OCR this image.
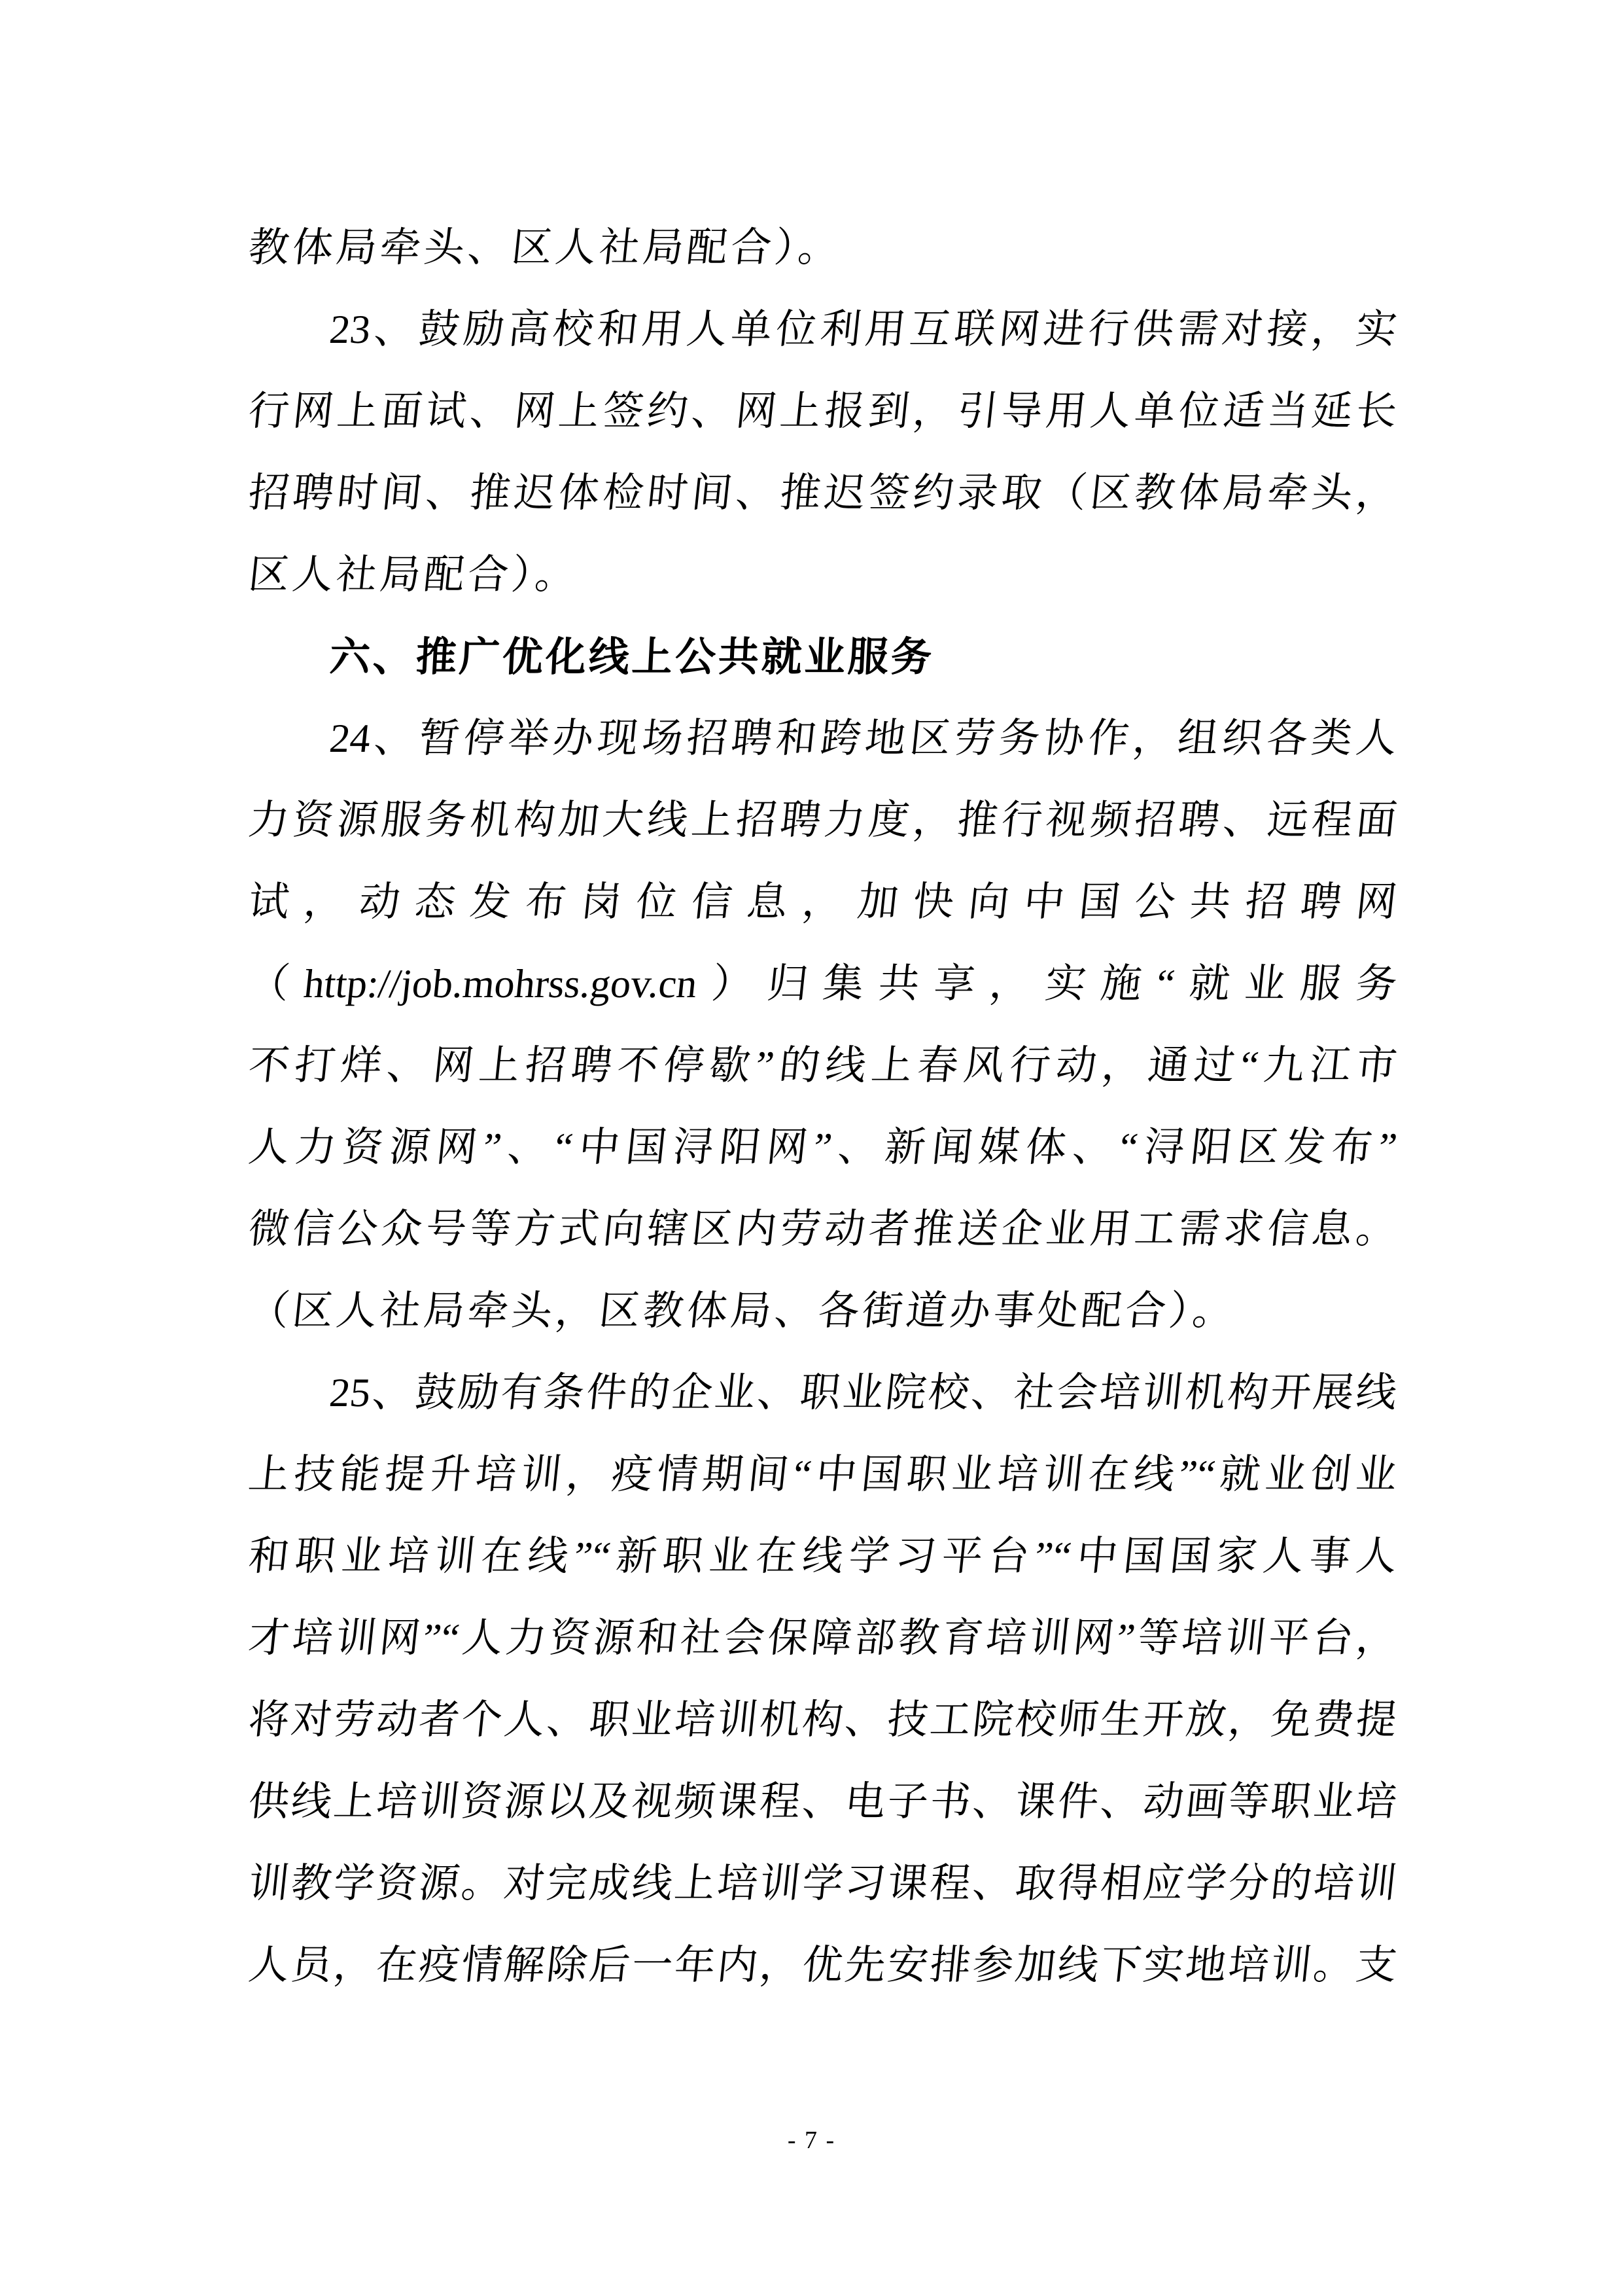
教体局牵头、区人社局配合）。
23、鼓励高校和用人单位利用互联网进行供需对接，实
行网上面试、网上签约、网上报到，引导用人单位适当延长
招聘时间、推迟体检时间、推迟签约录取（区教体局牵头，
区人社局配合）。
六、推广优化线上公共就业服务
24、暂停举办现场招聘和跨地区劳务协作，组织各类人
力资源服务机构加大线上招聘力度，推行视频招聘、远程面
试，动态发布岗位信息，加快向中国公共招聘网
（http://job.mohrss.gov.cn）归集共享，实施“就业服务
不打烊、网上招聘不停歇”的线上春风行动，通过“九江市
人力资源网”、“中国浔阳网”、新闻媒体、“浔阳区发布”
微信公众号等方式向辖区内劳动者推送企业用工需求信息。
（区人社局牵头，区教体局、各街道办事处配合）。
25、鼓励有条件的企业、职业院校、社会培训机构开展线
上技能提升培训，疫情期间“中国职业培训在线”“就业创业
和职业培训在线”“新职业在线学习平台”“中国国家人事人
才培训网”“人力资源和社会保障部教育培训网”等培训平台，
将对劳动者个人、职业培训机构、技工院校师生开放，免费提
供线上培训资源以及视频课程、电子书、课件、动画等职业培
训教学资源。对完成线上培训学习课程、取得相应学分的培训
人员，在疫情解除后一年内，优先安排参加线下实地培训。支
- 7 -
